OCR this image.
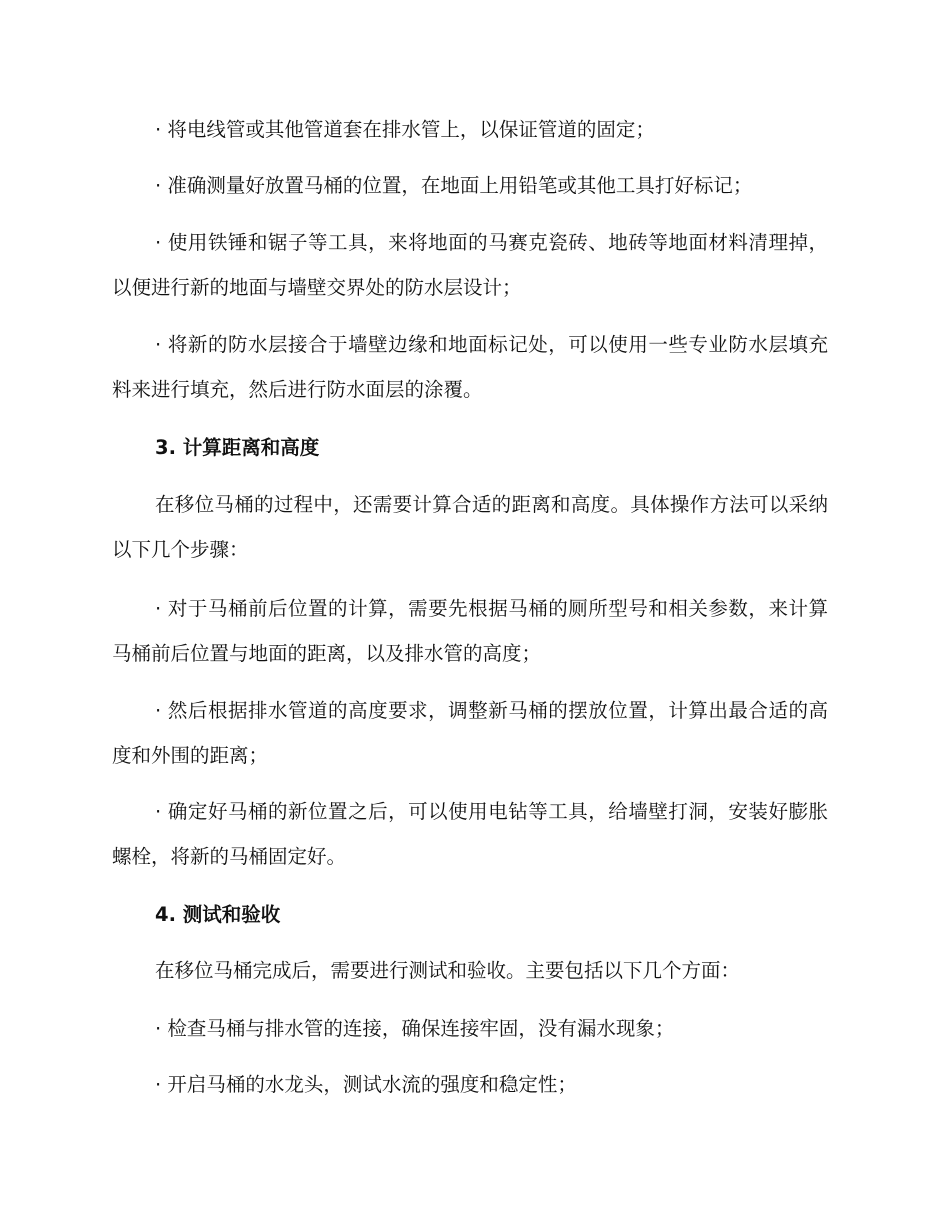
· 将电线管或其他管道套在排水管上，以保证管道的固定；

· 准确测量好放置马桶的位置，在地面上用铅笔或其他工具打好标记；

· 使用铁锤和锯子等工具，来将地面的马赛克瓷砖、地砖等地面材料清理掉，以便进行新的地面与墙壁交界处的防水层设计；

· 将新的防水层接合于墙壁边缘和地面标记处，可以使用一些专业防水层填充料来进行填充，然后进行防水面层的涂覆。

3. 计算距离和高度

在移位马桶的过程中，还需要计算合适的距离和高度。具体操作方法可以采纳以下几个步骤：

· 对于马桶前后位置的计算，需要先根据马桶的厕所型号和相关参数，来计算马桶前后位置与地面的距离，以及排水管的高度；

· 然后根据排水管道的高度要求，调整新马桶的摆放位置，计算出最合适的高度和外围的距离；

· 确定好马桶的新位置之后，可以使用电钻等工具，给墙壁打洞，安装好膨胀螺栓，将新的马桶固定好。

4. 测试和验收

在移位马桶完成后，需要进行测试和验收。主要包括以下几个方面：

· 检查马桶与排水管的连接，确保连接牢固，没有漏水现象；

· 开启马桶的水龙头，测试水流的强度和稳定性；
